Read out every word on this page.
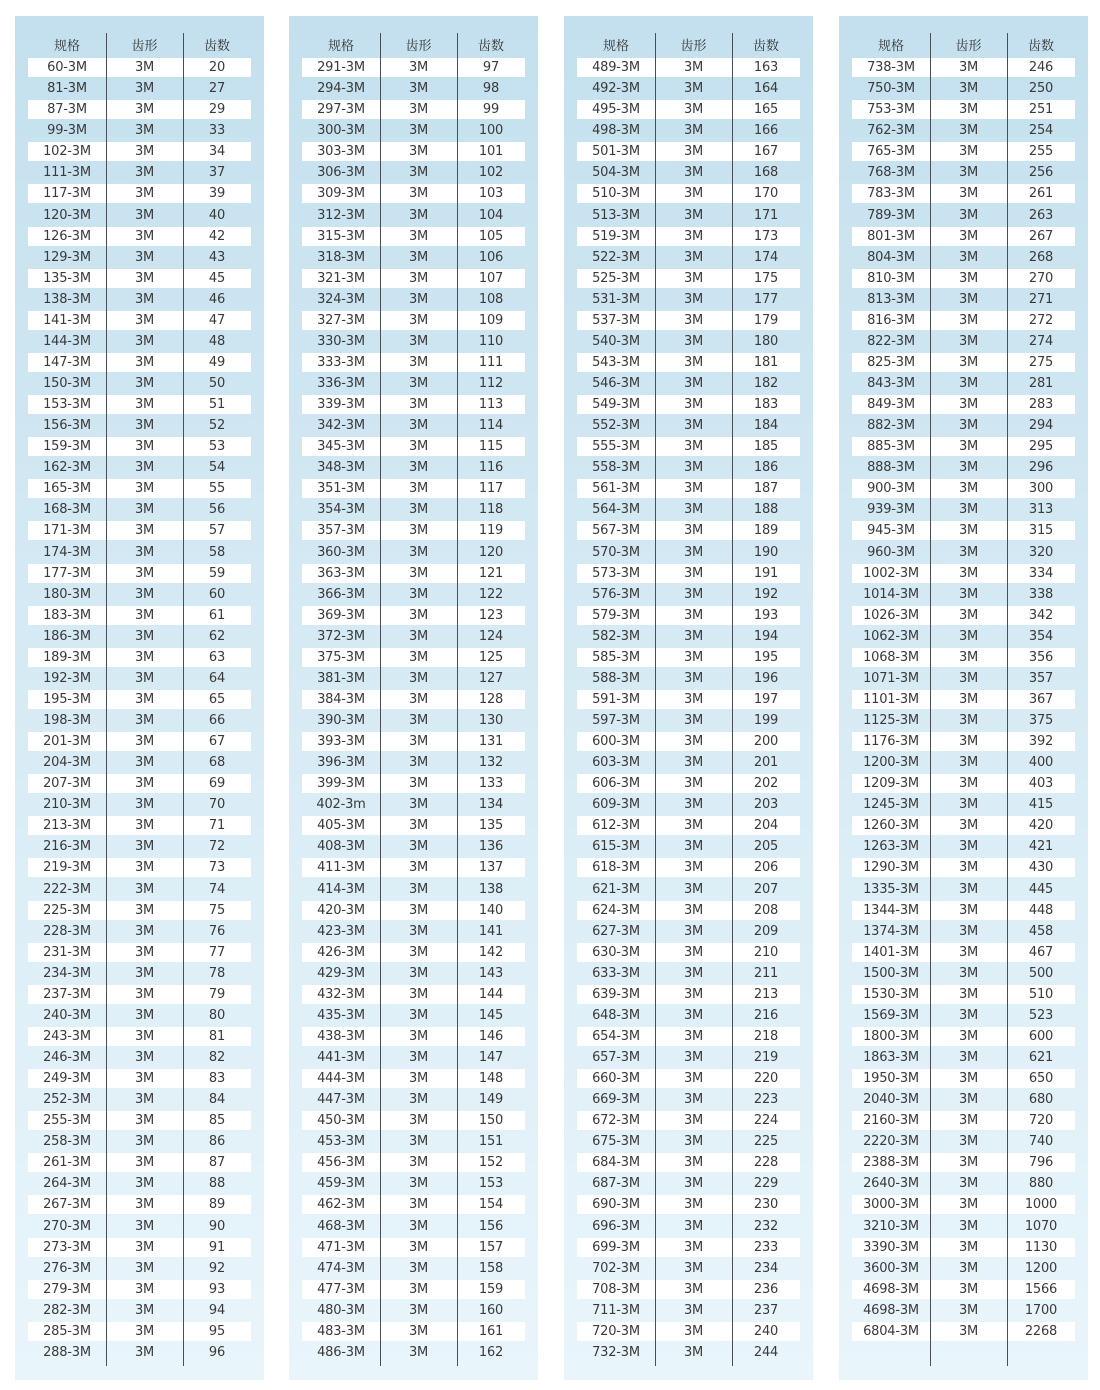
规格	齿形	齿数
60-3M	3M	20
81-3M	3M	27
87-3M	3M	29
99-3M	3M	33
102-3M	3M	34
111-3M	3M	37
117-3M	3M	39
120-3M	3M	40
126-3M	3M	42
129-3M	3M	43
135-3M	3M	45
138-3M	3M	46
141-3M	3M	47
144-3M	3M	48
147-3M	3M	49
150-3M	3M	50
153-3M	3M	51
156-3M	3M	52
159-3M	3M	53
162-3M	3M	54
165-3M	3M	55
168-3M	3M	56
171-3M	3M	57
174-3M	3M	58
177-3M	3M	59
180-3M	3M	60
183-3M	3M	61
186-3M	3M	62
189-3M	3M	63
192-3M	3M	64
195-3M	3M	65
198-3M	3M	66
201-3M	3M	67
204-3M	3M	68
207-3M	3M	69
210-3M	3M	70
213-3M	3M	71
216-3M	3M	72
219-3M	3M	73
222-3M	3M	74
225-3M	3M	75
228-3M	3M	76
231-3M	3M	77
234-3M	3M	78
237-3M	3M	79
240-3M	3M	80
243-3M	3M	81
246-3M	3M	82
249-3M	3M	83
252-3M	3M	84
255-3M	3M	85
258-3M	3M	86
261-3M	3M	87
264-3M	3M	88
267-3M	3M	89
270-3M	3M	90
273-3M	3M	91
276-3M	3M	92
279-3M	3M	93
282-3M	3M	94
285-3M	3M	95
288-3M	3M	96
规格	齿形	齿数
291-3M	3M	97
294-3M	3M	98
297-3M	3M	99
300-3M	3M	100
303-3M	3M	101
306-3M	3M	102
309-3M	3M	103
312-3M	3M	104
315-3M	3M	105
318-3M	3M	106
321-3M	3M	107
324-3M	3M	108
327-3M	3M	109
330-3M	3M	110
333-3M	3M	111
336-3M	3M	112
339-3M	3M	113
342-3M	3M	114
345-3M	3M	115
348-3M	3M	116
351-3M	3M	117
354-3M	3M	118
357-3M	3M	119
360-3M	3M	120
363-3M	3M	121
366-3M	3M	122
369-3M	3M	123
372-3M	3M	124
375-3M	3M	125
381-3M	3M	127
384-3M	3M	128
390-3M	3M	130
393-3M	3M	131
396-3M	3M	132
399-3M	3M	133
402-3m	3M	134
405-3M	3M	135
408-3M	3M	136
411-3M	3M	137
414-3M	3M	138
420-3M	3M	140
423-3M	3M	141
426-3M	3M	142
429-3M	3M	143
432-3M	3M	144
435-3M	3M	145
438-3M	3M	146
441-3M	3M	147
444-3M	3M	148
447-3M	3M	149
450-3M	3M	150
453-3M	3M	151
456-3M	3M	152
459-3M	3M	153
462-3M	3M	154
468-3M	3M	156
471-3M	3M	157
474-3M	3M	158
477-3M	3M	159
480-3M	3M	160
483-3M	3M	161
486-3M	3M	162
规格	齿形	齿数
489-3M	3M	163
492-3M	3M	164
495-3M	3M	165
498-3M	3M	166
501-3M	3M	167
504-3M	3M	168
510-3M	3M	170
513-3M	3M	171
519-3M	3M	173
522-3M	3M	174
525-3M	3M	175
531-3M	3M	177
537-3M	3M	179
540-3M	3M	180
543-3M	3M	181
546-3M	3M	182
549-3M	3M	183
552-3M	3M	184
555-3M	3M	185
558-3M	3M	186
561-3M	3M	187
564-3M	3M	188
567-3M	3M	189
570-3M	3M	190
573-3M	3M	191
576-3M	3M	192
579-3M	3M	193
582-3M	3M	194
585-3M	3M	195
588-3M	3M	196
591-3M	3M	197
597-3M	3M	199
600-3M	3M	200
603-3M	3M	201
606-3M	3M	202
609-3M	3M	203
612-3M	3M	204
615-3M	3M	205
618-3M	3M	206
621-3M	3M	207
624-3M	3M	208
627-3M	3M	209
630-3M	3M	210
633-3M	3M	211
639-3M	3M	213
648-3M	3M	216
654-3M	3M	218
657-3M	3M	219
660-3M	3M	220
669-3M	3M	223
672-3M	3M	224
675-3M	3M	225
684-3M	3M	228
687-3M	3M	229
690-3M	3M	230
696-3M	3M	232
699-3M	3M	233
702-3M	3M	234
708-3M	3M	236
711-3M	3M	237
720-3M	3M	240
732-3M	3M	244
规格	齿形	齿数
738-3M	3M	246
750-3M	3M	250
753-3M	3M	251
762-3M	3M	254
765-3M	3M	255
768-3M	3M	256
783-3M	3M	261
789-3M	3M	263
801-3M	3M	267
804-3M	3M	268
810-3M	3M	270
813-3M	3M	271
816-3M	3M	272
822-3M	3M	274
825-3M	3M	275
843-3M	3M	281
849-3M	3M	283
882-3M	3M	294
885-3M	3M	295
888-3M	3M	296
900-3M	3M	300
939-3M	3M	313
945-3M	3M	315
960-3M	3M	320
1002-3M	3M	334
1014-3M	3M	338
1026-3M	3M	342
1062-3M	3M	354
1068-3M	3M	356
1071-3M	3M	357
1101-3M	3M	367
1125-3M	3M	375
1176-3M	3M	392
1200-3M	3M	400
1209-3M	3M	403
1245-3M	3M	415
1260-3M	3M	420
1263-3M	3M	421
1290-3M	3M	430
1335-3M	3M	445
1344-3M	3M	448
1374-3M	3M	458
1401-3M	3M	467
1500-3M	3M	500
1530-3M	3M	510
1569-3M	3M	523
1800-3M	3M	600
1863-3M	3M	621
1950-3M	3M	650
2040-3M	3M	680
2160-3M	3M	720
2220-3M	3M	740
2388-3M	3M	796
2640-3M	3M	880
3000-3M	3M	1000
3210-3M	3M	1070
3390-3M	3M	1130
3600-3M	3M	1200
4698-3M	3M	1566
4698-3M	3M	1700
6804-3M	3M	2268
